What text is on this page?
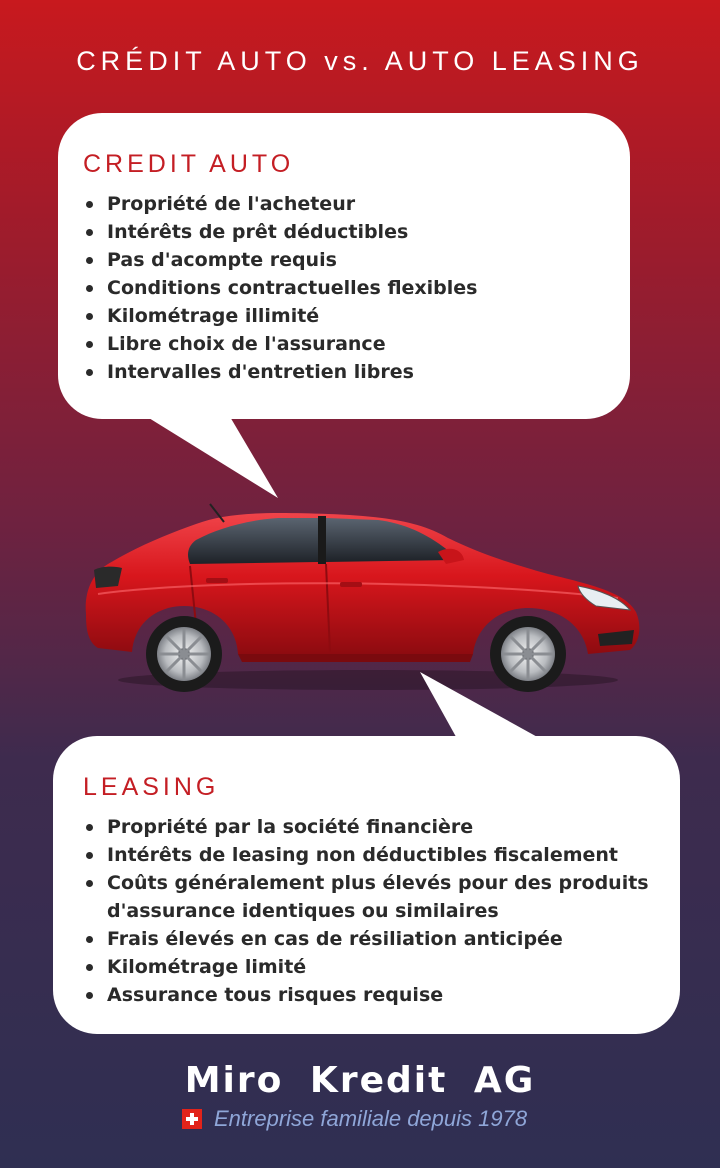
CRÉDIT AUTO vs. AUTO LEASING
CREDIT AUTO
Propriété de l'acheteur
Intérêts de prêt déductibles
Pas d'acompte requis
Conditions contractuelles flexibles
Kilométrage illimité
Libre choix de l'assurance
Intervalles d'entretien libres
LEASING
Propriété par la société financière
Intérêts de leasing non déductibles fiscalement
Coûts généralement plus élevés pour des produits d'assurance identiques ou similaires
Frais élevés en cas de résiliation anticipée
Kilométrage limité
Assurance tous risques requise
Miro Kredit AG
Entreprise familiale depuis 1978
